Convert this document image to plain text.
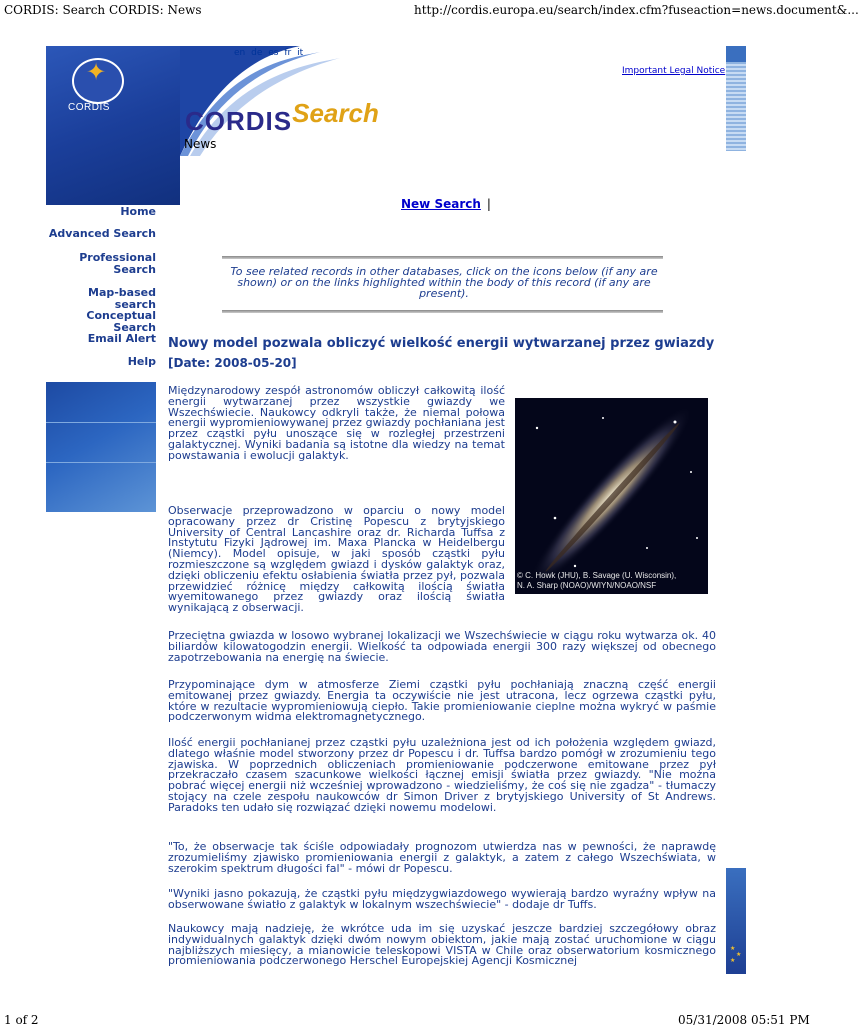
CORDIS: Search CORDIS: News	http://cordis.europa.eu/search/index.cfm?fuseaction=news.document&...
1 of 2	05/31/2008 05:51 PM
✦
CORDIS
en de es fr it
CORDISSearch
News
Important Legal Notice
Home
Advanced Search
Professional Search
Map-based search
Conceptual Search
Email Alert
Help
New Search |
To see related records in other databases, click on the icons below (if any are shown) or on the links highlighted within the body of this record (if any are present).
Nowy model pozwala obliczyć wielkość energii wytwarzanej przez gwiazdy
[Date: 2008-05-20]
© C. Howk (JHU), B. Savage (U. Wisconsin),
N. A. Sharp (NOAO)/WIYN/NOAO/NSF

Międzynarodowy zespół astronomów obliczył całkowitą ilość energii wytwarzanej przez wszystkie gwiazdy we Wszechświecie. Naukowcy odkryli także, że niemal połowa energii wypromieniowywanej przez gwiazdy pochłaniana jest przez cząstki pyłu unoszące się w rozległej przestrzeni galaktycznej. Wyniki badania są istotne dla wiedzy na temat powstawania i ewolucji galaktyk.

Obserwacje przeprowadzono w oparciu o nowy model opracowany przez dr Cristinę Popescu z brytyjskiego University of Central Lancashire oraz dr. Richarda Tuffsa z Instytutu Fizyki Jądrowej im. Maxa Plancka w Heidelbergu (Niemcy). Model opisuje, w jaki sposób cząstki pyłu rozmieszczone są względem gwiazd i dysków galaktyk oraz, dzięki obliczeniu efektu osłabienia światła przez pył, pozwala przewidzieć różnicę między całkowitą ilością światła wyemitowanego przez gwiazdy oraz ilością światła wynikającą z obserwacji.

Przeciętna gwiazda w losowo wybranej lokalizacji we Wszechświecie w ciągu roku wytwarza ok. 40 biliardów kilowatogodzin energii. Wielkość ta odpowiada energii 300 razy większej od obecnego zapotrzebowania na energię na świecie.

Przypominające dym w atmosferze Ziemi cząstki pyłu pochłaniają znaczną część energii emitowanej przez gwiazdy. Energia ta oczywiście nie jest utracona, lecz ogrzewa cząstki pyłu, które w rezultacie wypromieniowują ciepło. Takie promieniowanie cieplne można wykryć w paśmie podczerwonym widma elektromagnetycznego.

Ilość energii pochłanianej przez cząstki pyłu uzależniona jest od ich położenia względem gwiazd, dlatego właśnie model stworzony przez dr Popescu i dr. Tuffsa bardzo pomógł w zrozumieniu tego zjawiska. W poprzednich obliczeniach promieniowanie podczerwone emitowane przez pył przekraczało czasem szacunkowe wielkości łącznej emisji światła przez gwiazdy. "Nie można pobrać więcej energii niż wcześniej wprowadzono - wiedzieliśmy, że coś się nie zgadza" - tłumaczy stojący na czele zespołu naukowców dr Simon Driver z brytyjskiego University of St Andrews. Paradoks ten udało się rozwiązać dzięki nowemu modelowi.

"To, że obserwacje tak ściśle odpowiadały prognozom utwierdza nas w pewności, że naprawdę zrozumieliśmy zjawisko promieniowania energii z galaktyk, a zatem z całego Wszechświata, w szerokim spektrum długości fal" - mówi dr Popescu.

"Wyniki jasno pokazują, że cząstki pyłu międzygwiazdowego wywierają bardzo wyraźny wpływ na obserwowane światło z galaktyk w lokalnym wszechświecie" - dodaje dr Tuffs.

Naukowcy mają nadzieję, że wkrótce uda im się uzyskać jeszcze bardziej szczegółowy obraz indywidualnych galaktyk dzięki dwóm nowym obiektom, jakie mają zostać uruchomione w ciągu najbliższych miesięcy, a mianowicie teleskopowi VISTA w Chile oraz obserwatorium kosmicznego promieniowania podczerwonego Herschel Europejskiej Agencji Kosmicznej

★
★
★
